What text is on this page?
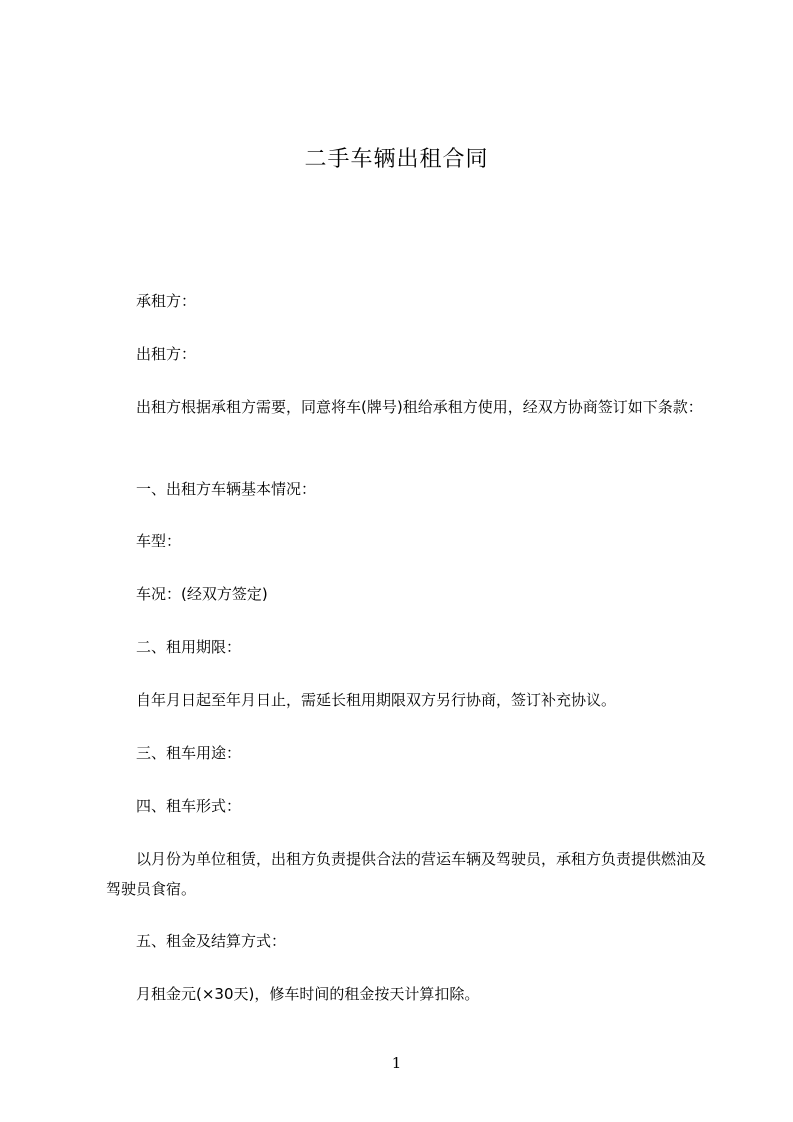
二手车辆出租合同
承租方：
出租方：
出租方根据承租方需要，同意将车(牌号)租给承租方使用，经双方协商签订如下条款：
一、出租方车辆基本情况：
车型：
车况：(经双方签定)
二、租用期限：
自年月日起至年月日止，需延长租用期限双方另行协商，签订补充协议。
三、租车用途：
四、租车形式：
以月份为单位租赁，出租方负责提供合法的营运车辆及驾驶员，承租方负责提供燃油及驾驶员食宿。
五、租金及结算方式：
月租金元(×30天)，修车时间的租金按天计算扣除。
1
